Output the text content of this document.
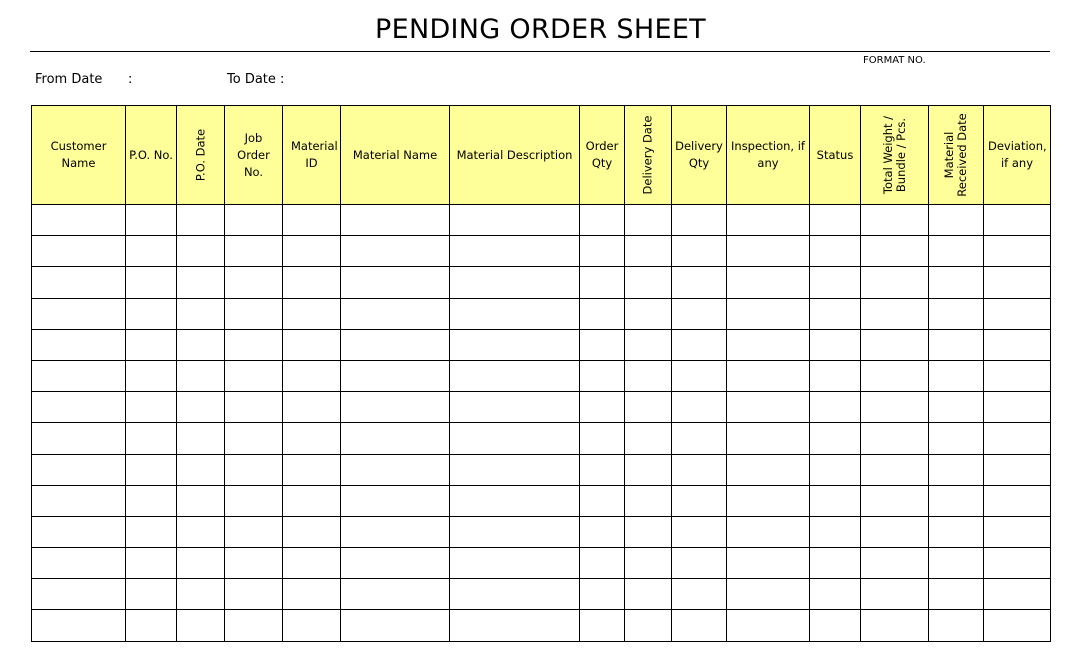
PENDING ORDER SHEET
FORMAT NO.
From Date :	To Date :
Customer Name	P.O. No.	P.O. Date	Job Order No.	Material ID	Material Name	Material Description	Order Qty	Delivery Date	Delivery Qty	Inspection, if any	Status	Total Weight / Bundle / Pcs.	Material Received Date	Deviation, if any
